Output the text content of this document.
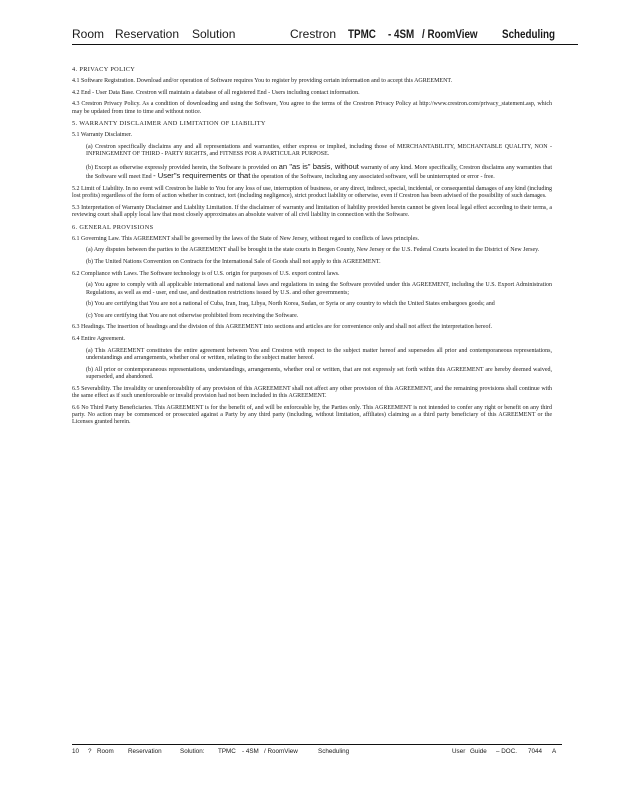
Room Reservation Solution	Crestron TPMC - 4SM / RoomView Scheduling
4. PRIVACY POLICY

4.1 Software Registration. Download and/or operation of Software requires You to register by providing certain information and to accept this AGREEMENT.

4.2 End - User Data Base. Crestron will maintain a database of all registered End - Users including contact information.

4.3 Crestron Privacy Policy. As a condition of downloading and using the Software, You agree to the terms of the Crestron Privacy Policy at http://www.crestron.com/privacy_statement.asp, which may be updated from time to time and without notice.

5. WARRANTY DISCLAIMER AND LIMITATION OF LIABILITY

5.1 Warranty Disclaimer.

(a) Crestron specifically disclaims any and all representations and warranties, either express or implied, including those of MERCHANTABILITY, MECHANTABLE QUALITY, NON - INFRINGEMENT OF THIRD - PARTY RIGHTS, and FITNESS FOR A PARTICULAR PURPOSE.

(b) Except as otherwise expressly provided herein, the Software is provided on an "as is" basis, without warranty of any kind. More specifically, Crestron disclaims any warranties that the Software will meet End - User"s requirements or that the operation of the Software, including any associated software, will be uninterrupted or error - free.

5.2 Limit of Liability. In no event will Crestron be liable to You for any loss of use, interruption of business, or any direct, indirect, special, incidental, or consequential damages of any kind (including lost profits) regardless of the form of action whether in contract, tort (including negligence), strict product liability or otherwise, even if Crestron has been advised of the possibility of such damages.

5.3 Interpretation of Warranty Disclaimer and Liability Limitation. If the disclaimer of warranty and limitation of liability provided herein cannot be given local legal effect according to their terms, a reviewing court shall apply local law that most closely approximates an absolute waiver of all civil liability in connection with the Software.

6. GENERAL PROVISIONS

6.1 Governing Law. This AGREEMENT shall be governed by the laws of the State of New Jersey, without regard to conflicts of laws principles.

(a) Any disputes between the parties to the AGREEMENT shall be brought in the state courts in Bergen County, New Jersey or the U.S. Federal Courts located in the District of New Jersey.

(b) The United Nations Convention on Contracts for the International Sale of Goods shall not apply to this AGREEMENT.

6.2 Compliance with Laws. The Software technology is of U.S. origin for purposes of U.S. export control laws.

(a) You agree to comply with all applicable international and national laws and regulations in using the Software provided under this AGREEMENT, including the U.S. Export Administration Regulations, as well as end - user, end use, and destination restrictions issued by U.S. and other governments;

(b) You are certifying that You are not a national of Cuba, Iran, Iraq, Libya, North Korea, Sudan, or Syria or any country to which the United States embargoes goods; and

(c) You are certifying that You are not otherwise prohibited from receiving the Software.

6.3 Headings. The insertion of headings and the division of this AGREEMENT into sections and articles are for convenience only and shall not affect the interpretation hereof.

6.4 Entire Agreement.

(a) This AGREEMENT constitutes the entire agreement between You and Crestron with respect to the subject matter hereof and supersedes all prior and contemporaneous representations, understandings and arrangements, whether oral or written, relating to the subject matter hereof.

(b) All prior or contemporaneous representations, understandings, arrangements, whether oral or written, that are not expressly set forth within this AGREEMENT are hereby deemed waived, superseded, and abandoned.

6.5 Severability. The invalidity or unenforceability of any provision of this AGREEMENT shall not affect any other provision of this AGREEMENT, and the remaining provisions shall continue with the same effect as if such unenforceable or invalid provision had not been included in this AGREEMENT.

6.6 No Third Party Beneficiaries. This AGREEMENT is for the benefit of, and will be enforceable by, the Parties only. This AGREEMENT is not intended to confer any right or benefit on any third party. No action may be commenced or prosecuted against a Party by any third party (including, without limitation, affiliates) claiming as a third party beneficiary of this AGREEMENT or the Licenses granted herein.

10 ? Room Reservation	Solution: TPMC - 4SM / RoomView	Scheduling	User Guide – DOC. 7044 A
